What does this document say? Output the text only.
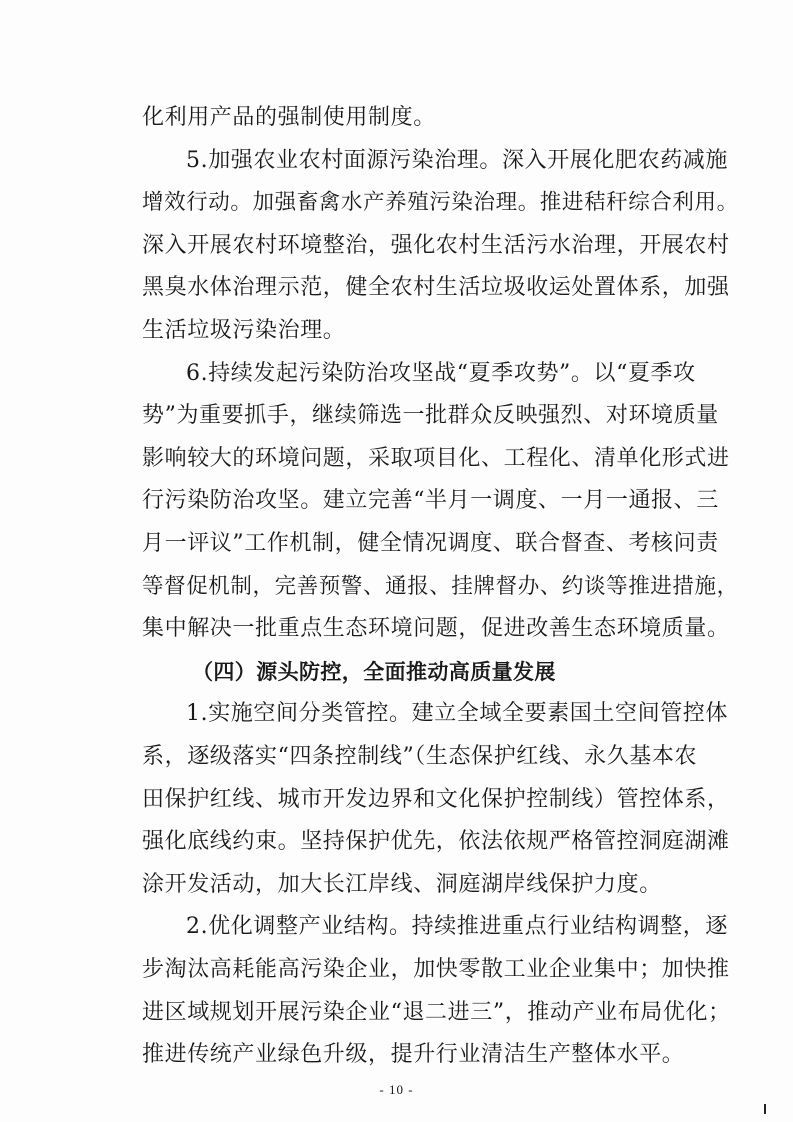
化利用产品的强制使用制度。
5.加强农业农村面源污染治理。深入开展化肥农药减施
增效行动。加强畜禽水产养殖污染治理。推进秸秆综合利用。
深入开展农村环境整治，强化农村生活污水治理，开展农村
黑臭水体治理示范，健全农村生活垃圾收运处置体系，加强
生活垃圾污染治理。
6.持续发起污染防治攻坚战“夏季攻势”。以“夏季攻
势”为重要抓手，继续筛选一批群众反映强烈、对环境质量
影响较大的环境问题，采取项目化、工程化、清单化形式进
行污染防治攻坚。建立完善“半月一调度、一月一通报、三
月一评议”工作机制，健全情况调度、联合督查、考核问责
等督促机制，完善预警、通报、挂牌督办、约谈等推进措施，
集中解决一批重点生态环境问题，促进改善生态环境质量。
（四）源头防控，全面推动高质量发展
1.实施空间分类管控。建立全域全要素国土空间管控体
系，逐级落实“四条控制线”（生态保护红线、永久基本农
田保护红线、城市开发边界和文化保护控制线）管控体系，
强化底线约束。坚持保护优先，依法依规严格管控洞庭湖滩
涂开发活动，加大长江岸线、洞庭湖岸线保护力度。
2.优化调整产业结构。持续推进重点行业结构调整，逐
步淘汰高耗能高污染企业，加快零散工业企业集中；加快推
进区域规划开展污染企业“退二进三”，推动产业布局优化；
推进传统产业绿色升级，提升行业清洁生产整体水平。
- 10 -
